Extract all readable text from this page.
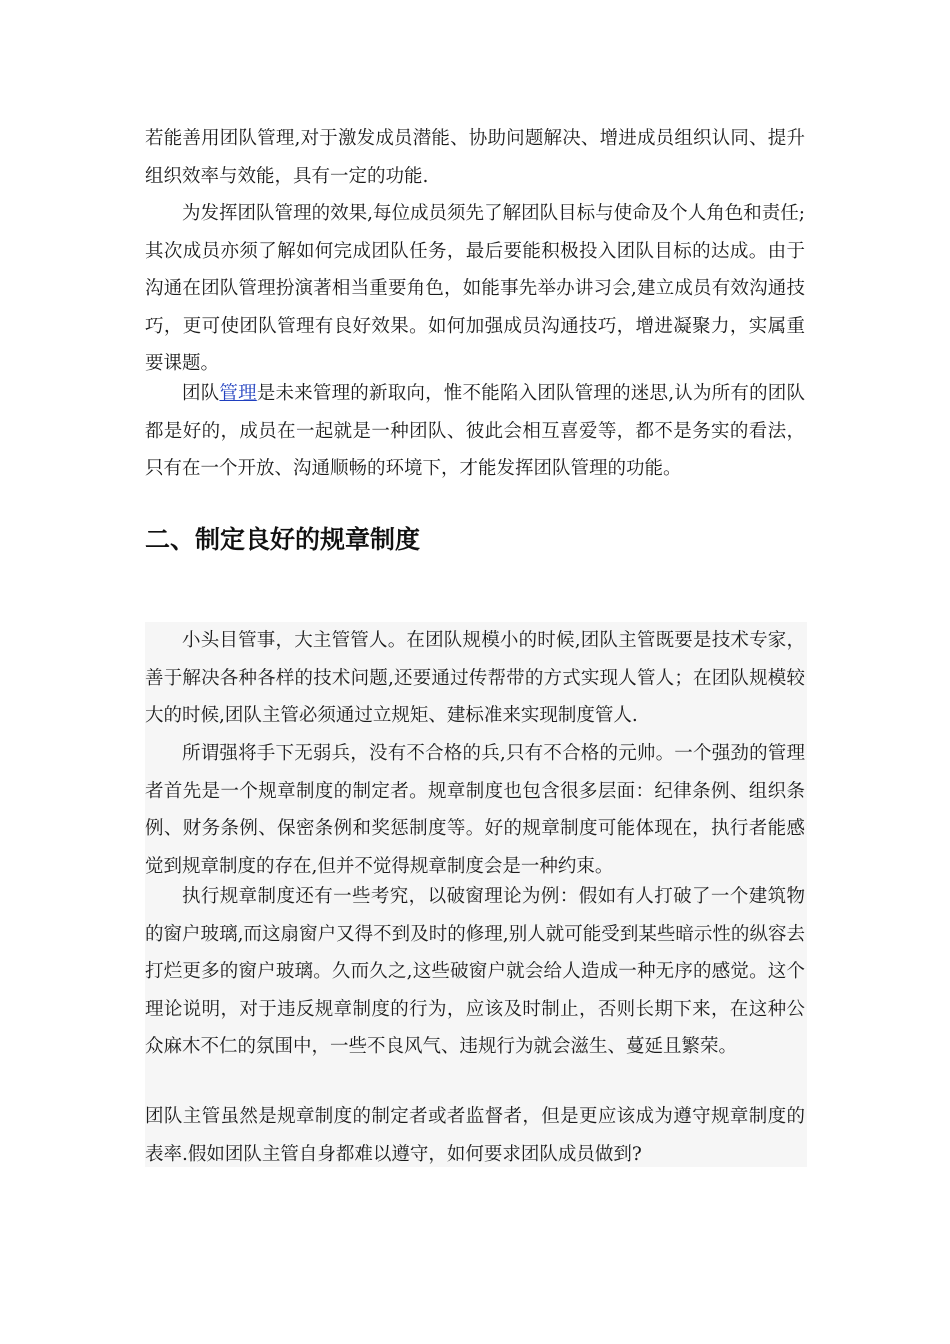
若能善用团队管理,对于激发成员潜能、协助问题解决、增进成员组织认同、提升组织效率与效能，具有一定的功能.

为发挥团队管理的效果,每位成员须先了解团队目标与使命及个人角色和责任;其次成员亦须了解如何完成团队任务，最后要能积极投入团队目标的达成。由于沟通在团队管理扮演著相当重要角色，如能事先举办讲习会,建立成员有效沟通技巧，更可使团队管理有良好效果。如何加强成员沟通技巧，增进凝聚力，实属重要课题。

团队管理是未来管理的新取向，惟不能陷入团队管理的迷思,认为所有的团队都是好的，成员在一起就是一种团队、彼此会相互喜爱等，都不是务实的看法，只有在一个开放、沟通顺畅的环境下，才能发挥团队管理的功能。

二、制定良好的规章制度

小头目管事，大主管管人。在团队规模小的时候,团队主管既要是技术专家，善于解决各种各样的技术问题,还要通过传帮带的方式实现人管人；在团队规模较大的时候,团队主管必须通过立规矩、建标准来实现制度管人.

所谓强将手下无弱兵，没有不合格的兵,只有不合格的元帅。一个强劲的管理者首先是一个规章制度的制定者。规章制度也包含很多层面：纪律条例、组织条例、财务条例、保密条例和奖惩制度等。好的规章制度可能体现在，执行者能感觉到规章制度的存在,但并不觉得规章制度会是一种约束。

执行规章制度还有一些考究，以破窗理论为例：假如有人打破了一个建筑物的窗户玻璃,而这扇窗户又得不到及时的修理,别人就可能受到某些暗示性的纵容去打烂更多的窗户玻璃。久而久之,这些破窗户就会给人造成一种无序的感觉。这个理论说明，对于违反规章制度的行为，应该及时制止，否则长期下来，在这种公众麻木不仁的氛围中，一些不良风气、违规行为就会滋生、蔓延且繁荣。

团队主管虽然是规章制度的制定者或者监督者，但是更应该成为遵守规章制度的表率.假如团队主管自身都难以遵守，如何要求团队成员做到?
